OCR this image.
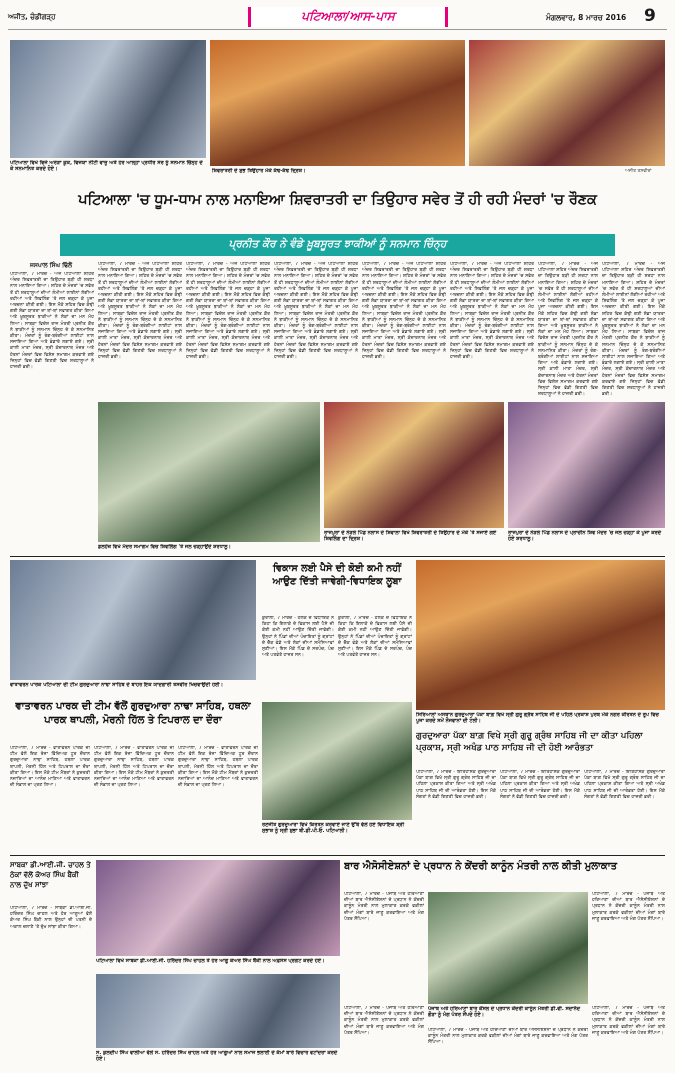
ਅਜੀਤ, ਚੰਡੀਗੜ੍ਹ	ਪਟਿਆਲਾ/ਆਸ-ਪਾਸ	ਮੰਗਲਵਾਰ, 8 ਮਾਰਚ 2016 9
ਪਟਿਆਲਾ ਵਿਖੇ ਵਿਜੇ ਅਰੋੜਾ ਕੂਕ, ਵਿਜਯਾ ਨੀਟੀ ਵਾਜੂ ਅਤੇ ਹੋਰ ਆਲ੍ਹਾ ਪ੍ਰਧੀਰ ਸੋਰ ਨੂੰ ਸਨਮਾਨ ਚਿੰਨ੍ਹ ਦੇ ਕੇ ਸਨਮਾਨਿਤ ਕਰਦੇ ਹੋਏ।	ਸ਼ਿਵਰਾਤਰੀ ਦੇ ਸ਼ੁਭ ਤਿਉਹਾਰ ਮੌਕੇ ਕੱਢ-ਕੱਢ ਦ੍ਰਿਸ਼।	ਅਜੀਤ ਤਸਵੀਰਾਂ
ਪਟਿਆਲਾ 'ਚ ਧੂਮ-ਧਾਮ ਨਾਲ ਮਨਾਇਆ ਸ਼ਿਵਰਾਤਰੀ ਦਾ ਤਿਉਹਾਰ ਸਵੇਰ ਤੋਂ ਹੀ ਰਹੀ ਮੰਦਰਾਂ 'ਚ ਰੌਣਕ
ਪ੍ਰਨੀਤ ਕੌਰ ਨੇ ਵੰਡੇ ਖ਼ੂਬਸੂਰਤ ਝਾਕੀਆਂ ਨੂੰ ਸਨਮਾਨ ਚਿੰਨ੍ਹ
ਜਸਪਾਲ ਸਿੰਘ ਢਿੱਲੋਂ
ਪਟਿਆਲਾ, 7 ਮਾਰਚ - ਅੱਜ ਪਟਿਆਲਾ ਸ਼ਹਿਰ ਅੰਦਰ ਸ਼ਿਵਰਾਤਰੀ ਦਾ ਤਿਉਹਾਰ ਬੜੀ ਹੀ ਸ਼ਰਧਾ ਨਾਲ ਮਨਾਇਆ ਗਿਆ। ਸ਼ਹਿਰ ਦੇ ਮੰਦਰਾਂ 'ਚ ਸਵੇਰ ਤੋਂ ਹੀ ਸ਼ਰਧਾਲੂਆਂ ਦੀਆਂ ਲੰਮੀਆਂ ਲਾਈਨਾਂ ਲੱਗੀਆਂ ਰਹੀਆਂ ਅਤੇ ਸ਼ਿਵਲਿੰਗ 'ਤੇ ਜਲ ਚੜ੍ਹਾ ਕੇ ਪੂਜਾ ਅਰਚਨਾ ਕੀਤੀ ਗਈ। ਇਸ ਮੌਕੇ ਸ਼ਹਿਰ ਵਿਚ ਕੱਢੀ ਗਈ ਸ਼ੋਭਾ ਯਾਤਰਾ ਦਾ ਥਾਂ-ਥਾਂ ਸਵਾਗਤ ਕੀਤਾ ਗਿਆ ਅਤੇ ਖ਼ੂਬਸੂਰਤ ਝਾਕੀਆਂ ਨੇ ਲੋਕਾਂ ਦਾ ਮਨ ਮੋਹ ਲਿਆ। ਸਾਬਕਾ ਵਿਦੇਸ਼ ਰਾਜ ਮੰਤਰੀ ਪ੍ਰਨੀਤ ਕੌਰ ਨੇ ਝਾਕੀਆਂ ਨੂੰ ਸਨਮਾਨ ਚਿੰਨ੍ਹ ਦੇ ਕੇ ਸਨਮਾਨਿਤ ਕੀਤਾ। ਮੰਦਰਾਂ ਨੂੰ ਰੰਗ-ਬਰੰਗੀਆਂ ਲਾਈਟਾਂ ਨਾਲ ਸਜਾਇਆ ਗਿਆ ਅਤੇ ਭੰਡਾਰੇ ਲਗਾਏ ਗਏ। ਸ੍ਰੀ ਕਾਲੀ ਮਾਤਾ ਮੰਦਰ, ਸ੍ਰੀ ਕੇਦਾਰਨਾਥ ਮੰਦਰ ਅਤੇ ਹੋਰਨਾਂ ਮੰਦਰਾਂ ਵਿਚ ਵਿਸ਼ੇਸ਼ ਸਮਾਗਮ ਕਰਵਾਏ ਗਏ ਜਿਨ੍ਹਾਂ ਵਿਚ ਵੱਡੀ ਗਿਣਤੀ ਵਿਚ ਸ਼ਰਧਾਲੂਆਂ ਨੇ ਹਾਜ਼ਰੀ ਭਰੀ।
ਪਟਿਆਲਾ, 7 ਮਾਰਚ - ਅੱਜ ਪਟਿਆਲਾ ਸ਼ਹਿਰ ਅੰਦਰ ਸ਼ਿਵਰਾਤਰੀ ਦਾ ਤਿਉਹਾਰ ਬੜੀ ਹੀ ਸ਼ਰਧਾ ਨਾਲ ਮਨਾਇਆ ਗਿਆ। ਸ਼ਹਿਰ ਦੇ ਮੰਦਰਾਂ 'ਚ ਸਵੇਰ ਤੋਂ ਹੀ ਸ਼ਰਧਾਲੂਆਂ ਦੀਆਂ ਲੰਮੀਆਂ ਲਾਈਨਾਂ ਲੱਗੀਆਂ ਰਹੀਆਂ ਅਤੇ ਸ਼ਿਵਲਿੰਗ 'ਤੇ ਜਲ ਚੜ੍ਹਾ ਕੇ ਪੂਜਾ ਅਰਚਨਾ ਕੀਤੀ ਗਈ। ਇਸ ਮੌਕੇ ਸ਼ਹਿਰ ਵਿਚ ਕੱਢੀ ਗਈ ਸ਼ੋਭਾ ਯਾਤਰਾ ਦਾ ਥਾਂ-ਥਾਂ ਸਵਾਗਤ ਕੀਤਾ ਗਿਆ ਅਤੇ ਖ਼ੂਬਸੂਰਤ ਝਾਕੀਆਂ ਨੇ ਲੋਕਾਂ ਦਾ ਮਨ ਮੋਹ ਲਿਆ। ਸਾਬਕਾ ਵਿਦੇਸ਼ ਰਾਜ ਮੰਤਰੀ ਪ੍ਰਨੀਤ ਕੌਰ ਨੇ ਝਾਕੀਆਂ ਨੂੰ ਸਨਮਾਨ ਚਿੰਨ੍ਹ ਦੇ ਕੇ ਸਨਮਾਨਿਤ ਕੀਤਾ। ਮੰਦਰਾਂ ਨੂੰ ਰੰਗ-ਬਰੰਗੀਆਂ ਲਾਈਟਾਂ ਨਾਲ ਸਜਾਇਆ ਗਿਆ ਅਤੇ ਭੰਡਾਰੇ ਲਗਾਏ ਗਏ। ਸ੍ਰੀ ਕਾਲੀ ਮਾਤਾ ਮੰਦਰ, ਸ੍ਰੀ ਕੇਦਾਰਨਾਥ ਮੰਦਰ ਅਤੇ ਹੋਰਨਾਂ ਮੰਦਰਾਂ ਵਿਚ ਵਿਸ਼ੇਸ਼ ਸਮਾਗਮ ਕਰਵਾਏ ਗਏ ਜਿਨ੍ਹਾਂ ਵਿਚ ਵੱਡੀ ਗਿਣਤੀ ਵਿਚ ਸ਼ਰਧਾਲੂਆਂ ਨੇ ਹਾਜ਼ਰੀ ਭਰੀ।
ਪਟਿਆਲਾ, 7 ਮਾਰਚ - ਅੱਜ ਪਟਿਆਲਾ ਸ਼ਹਿਰ ਅੰਦਰ ਸ਼ਿਵਰਾਤਰੀ ਦਾ ਤਿਉਹਾਰ ਬੜੀ ਹੀ ਸ਼ਰਧਾ ਨਾਲ ਮਨਾਇਆ ਗਿਆ। ਸ਼ਹਿਰ ਦੇ ਮੰਦਰਾਂ 'ਚ ਸਵੇਰ ਤੋਂ ਹੀ ਸ਼ਰਧਾਲੂਆਂ ਦੀਆਂ ਲੰਮੀਆਂ ਲਾਈਨਾਂ ਲੱਗੀਆਂ ਰਹੀਆਂ ਅਤੇ ਸ਼ਿਵਲਿੰਗ 'ਤੇ ਜਲ ਚੜ੍ਹਾ ਕੇ ਪੂਜਾ ਅਰਚਨਾ ਕੀਤੀ ਗਈ। ਇਸ ਮੌਕੇ ਸ਼ਹਿਰ ਵਿਚ ਕੱਢੀ ਗਈ ਸ਼ੋਭਾ ਯਾਤਰਾ ਦਾ ਥਾਂ-ਥਾਂ ਸਵਾਗਤ ਕੀਤਾ ਗਿਆ ਅਤੇ ਖ਼ੂਬਸੂਰਤ ਝਾਕੀਆਂ ਨੇ ਲੋਕਾਂ ਦਾ ਮਨ ਮੋਹ ਲਿਆ। ਸਾਬਕਾ ਵਿਦੇਸ਼ ਰਾਜ ਮੰਤਰੀ ਪ੍ਰਨੀਤ ਕੌਰ ਨੇ ਝਾਕੀਆਂ ਨੂੰ ਸਨਮਾਨ ਚਿੰਨ੍ਹ ਦੇ ਕੇ ਸਨਮਾਨਿਤ ਕੀਤਾ। ਮੰਦਰਾਂ ਨੂੰ ਰੰਗ-ਬਰੰਗੀਆਂ ਲਾਈਟਾਂ ਨਾਲ ਸਜਾਇਆ ਗਿਆ ਅਤੇ ਭੰਡਾਰੇ ਲਗਾਏ ਗਏ। ਸ੍ਰੀ ਕਾਲੀ ਮਾਤਾ ਮੰਦਰ, ਸ੍ਰੀ ਕੇਦਾਰਨਾਥ ਮੰਦਰ ਅਤੇ ਹੋਰਨਾਂ ਮੰਦਰਾਂ ਵਿਚ ਵਿਸ਼ੇਸ਼ ਸਮਾਗਮ ਕਰਵਾਏ ਗਏ ਜਿਨ੍ਹਾਂ ਵਿਚ ਵੱਡੀ ਗਿਣਤੀ ਵਿਚ ਸ਼ਰਧਾਲੂਆਂ ਨੇ ਹਾਜ਼ਰੀ ਭਰੀ।
ਪਟਿਆਲਾ, 7 ਮਾਰਚ - ਅੱਜ ਪਟਿਆਲਾ ਸ਼ਹਿਰ ਅੰਦਰ ਸ਼ਿਵਰਾਤਰੀ ਦਾ ਤਿਉਹਾਰ ਬੜੀ ਹੀ ਸ਼ਰਧਾ ਨਾਲ ਮਨਾਇਆ ਗਿਆ। ਸ਼ਹਿਰ ਦੇ ਮੰਦਰਾਂ 'ਚ ਸਵੇਰ ਤੋਂ ਹੀ ਸ਼ਰਧਾਲੂਆਂ ਦੀਆਂ ਲੰਮੀਆਂ ਲਾਈਨਾਂ ਲੱਗੀਆਂ ਰਹੀਆਂ ਅਤੇ ਸ਼ਿਵਲਿੰਗ 'ਤੇ ਜਲ ਚੜ੍ਹਾ ਕੇ ਪੂਜਾ ਅਰਚਨਾ ਕੀਤੀ ਗਈ। ਇਸ ਮੌਕੇ ਸ਼ਹਿਰ ਵਿਚ ਕੱਢੀ ਗਈ ਸ਼ੋਭਾ ਯਾਤਰਾ ਦਾ ਥਾਂ-ਥਾਂ ਸਵਾਗਤ ਕੀਤਾ ਗਿਆ ਅਤੇ ਖ਼ੂਬਸੂਰਤ ਝਾਕੀਆਂ ਨੇ ਲੋਕਾਂ ਦਾ ਮਨ ਮੋਹ ਲਿਆ। ਸਾਬਕਾ ਵਿਦੇਸ਼ ਰਾਜ ਮੰਤਰੀ ਪ੍ਰਨੀਤ ਕੌਰ ਨੇ ਝਾਕੀਆਂ ਨੂੰ ਸਨਮਾਨ ਚਿੰਨ੍ਹ ਦੇ ਕੇ ਸਨਮਾਨਿਤ ਕੀਤਾ। ਮੰਦਰਾਂ ਨੂੰ ਰੰਗ-ਬਰੰਗੀਆਂ ਲਾਈਟਾਂ ਨਾਲ ਸਜਾਇਆ ਗਿਆ ਅਤੇ ਭੰਡਾਰੇ ਲਗਾਏ ਗਏ। ਸ੍ਰੀ ਕਾਲੀ ਮਾਤਾ ਮੰਦਰ, ਸ੍ਰੀ ਕੇਦਾਰਨਾਥ ਮੰਦਰ ਅਤੇ ਹੋਰਨਾਂ ਮੰਦਰਾਂ ਵਿਚ ਵਿਸ਼ੇਸ਼ ਸਮਾਗਮ ਕਰਵਾਏ ਗਏ ਜਿਨ੍ਹਾਂ ਵਿਚ ਵੱਡੀ ਗਿਣਤੀ ਵਿਚ ਸ਼ਰਧਾਲੂਆਂ ਨੇ ਹਾਜ਼ਰੀ ਭਰੀ।
ਪਟਿਆਲਾ, 7 ਮਾਰਚ - ਅੱਜ ਪਟਿਆਲਾ ਸ਼ਹਿਰ ਅੰਦਰ ਸ਼ਿਵਰਾਤਰੀ ਦਾ ਤਿਉਹਾਰ ਬੜੀ ਹੀ ਸ਼ਰਧਾ ਨਾਲ ਮਨਾਇਆ ਗਿਆ। ਸ਼ਹਿਰ ਦੇ ਮੰਦਰਾਂ 'ਚ ਸਵੇਰ ਤੋਂ ਹੀ ਸ਼ਰਧਾਲੂਆਂ ਦੀਆਂ ਲੰਮੀਆਂ ਲਾਈਨਾਂ ਲੱਗੀਆਂ ਰਹੀਆਂ ਅਤੇ ਸ਼ਿਵਲਿੰਗ 'ਤੇ ਜਲ ਚੜ੍ਹਾ ਕੇ ਪੂਜਾ ਅਰਚਨਾ ਕੀਤੀ ਗਈ। ਇਸ ਮੌਕੇ ਸ਼ਹਿਰ ਵਿਚ ਕੱਢੀ ਗਈ ਸ਼ੋਭਾ ਯਾਤਰਾ ਦਾ ਥਾਂ-ਥਾਂ ਸਵਾਗਤ ਕੀਤਾ ਗਿਆ ਅਤੇ ਖ਼ੂਬਸੂਰਤ ਝਾਕੀਆਂ ਨੇ ਲੋਕਾਂ ਦਾ ਮਨ ਮੋਹ ਲਿਆ। ਸਾਬਕਾ ਵਿਦੇਸ਼ ਰਾਜ ਮੰਤਰੀ ਪ੍ਰਨੀਤ ਕੌਰ ਨੇ ਝਾਕੀਆਂ ਨੂੰ ਸਨਮਾਨ ਚਿੰਨ੍ਹ ਦੇ ਕੇ ਸਨਮਾਨਿਤ ਕੀਤਾ। ਮੰਦਰਾਂ ਨੂੰ ਰੰਗ-ਬਰੰਗੀਆਂ ਲਾਈਟਾਂ ਨਾਲ ਸਜਾਇਆ ਗਿਆ ਅਤੇ ਭੰਡਾਰੇ ਲਗਾਏ ਗਏ। ਸ੍ਰੀ ਕਾਲੀ ਮਾਤਾ ਮੰਦਰ, ਸ੍ਰੀ ਕੇਦਾਰਨਾਥ ਮੰਦਰ ਅਤੇ ਹੋਰਨਾਂ ਮੰਦਰਾਂ ਵਿਚ ਵਿਸ਼ੇਸ਼ ਸਮਾਗਮ ਕਰਵਾਏ ਗਏ ਜਿਨ੍ਹਾਂ ਵਿਚ ਵੱਡੀ ਗਿਣਤੀ ਵਿਚ ਸ਼ਰਧਾਲੂਆਂ ਨੇ ਹਾਜ਼ਰੀ ਭਰੀ।
ਪਟਿਆਲਾ, 7 ਮਾਰਚ - ਅੱਜ ਪਟਿਆਲਾ ਸ਼ਹਿਰ ਅੰਦਰ ਸ਼ਿਵਰਾਤਰੀ ਦਾ ਤਿਉਹਾਰ ਬੜੀ ਹੀ ਸ਼ਰਧਾ ਨਾਲ ਮਨਾਇਆ ਗਿਆ। ਸ਼ਹਿਰ ਦੇ ਮੰਦਰਾਂ 'ਚ ਸਵੇਰ ਤੋਂ ਹੀ ਸ਼ਰਧਾਲੂਆਂ ਦੀਆਂ ਲੰਮੀਆਂ ਲਾਈਨਾਂ ਲੱਗੀਆਂ ਰਹੀਆਂ ਅਤੇ ਸ਼ਿਵਲਿੰਗ 'ਤੇ ਜਲ ਚੜ੍ਹਾ ਕੇ ਪੂਜਾ ਅਰਚਨਾ ਕੀਤੀ ਗਈ। ਇਸ ਮੌਕੇ ਸ਼ਹਿਰ ਵਿਚ ਕੱਢੀ ਗਈ ਸ਼ੋਭਾ ਯਾਤਰਾ ਦਾ ਥਾਂ-ਥਾਂ ਸਵਾਗਤ ਕੀਤਾ ਗਿਆ ਅਤੇ ਖ਼ੂਬਸੂਰਤ ਝਾਕੀਆਂ ਨੇ ਲੋਕਾਂ ਦਾ ਮਨ ਮੋਹ ਲਿਆ। ਸਾਬਕਾ ਵਿਦੇਸ਼ ਰਾਜ ਮੰਤਰੀ ਪ੍ਰਨੀਤ ਕੌਰ ਨੇ ਝਾਕੀਆਂ ਨੂੰ ਸਨਮਾਨ ਚਿੰਨ੍ਹ ਦੇ ਕੇ ਸਨਮਾਨਿਤ ਕੀਤਾ। ਮੰਦਰਾਂ ਨੂੰ ਰੰਗ-ਬਰੰਗੀਆਂ ਲਾਈਟਾਂ ਨਾਲ ਸਜਾਇਆ ਗਿਆ ਅਤੇ ਭੰਡਾਰੇ ਲਗਾਏ ਗਏ। ਸ੍ਰੀ ਕਾਲੀ ਮਾਤਾ ਮੰਦਰ, ਸ੍ਰੀ ਕੇਦਾਰਨਾਥ ਮੰਦਰ ਅਤੇ ਹੋਰਨਾਂ ਮੰਦਰਾਂ ਵਿਚ ਵਿਸ਼ੇਸ਼ ਸਮਾਗਮ ਕਰਵਾਏ ਗਏ ਜਿਨ੍ਹਾਂ ਵਿਚ ਵੱਡੀ ਗਿਣਤੀ ਵਿਚ ਸ਼ਰਧਾਲੂਆਂ ਨੇ ਹਾਜ਼ਰੀ ਭਰੀ।
ਪਟਿਆਲਾ, 7 ਮਾਰਚ - ਅੱਜ ਪਟਿਆਲਾ ਸ਼ਹਿਰ ਅੰਦਰ ਸ਼ਿਵਰਾਤਰੀ ਦਾ ਤਿਉਹਾਰ ਬੜੀ ਹੀ ਸ਼ਰਧਾ ਨਾਲ ਮਨਾਇਆ ਗਿਆ। ਸ਼ਹਿਰ ਦੇ ਮੰਦਰਾਂ 'ਚ ਸਵੇਰ ਤੋਂ ਹੀ ਸ਼ਰਧਾਲੂਆਂ ਦੀਆਂ ਲੰਮੀਆਂ ਲਾਈਨਾਂ ਲੱਗੀਆਂ ਰਹੀਆਂ ਅਤੇ ਸ਼ਿਵਲਿੰਗ 'ਤੇ ਜਲ ਚੜ੍ਹਾ ਕੇ ਪੂਜਾ ਅਰਚਨਾ ਕੀਤੀ ਗਈ। ਇਸ ਮੌਕੇ ਸ਼ਹਿਰ ਵਿਚ ਕੱਢੀ ਗਈ ਸ਼ੋਭਾ ਯਾਤਰਾ ਦਾ ਥਾਂ-ਥਾਂ ਸਵਾਗਤ ਕੀਤਾ ਗਿਆ ਅਤੇ ਖ਼ੂਬਸੂਰਤ ਝਾਕੀਆਂ ਨੇ ਲੋਕਾਂ ਦਾ ਮਨ ਮੋਹ ਲਿਆ। ਸਾਬਕਾ ਵਿਦੇਸ਼ ਰਾਜ ਮੰਤਰੀ ਪ੍ਰਨੀਤ ਕੌਰ ਨੇ ਝਾਕੀਆਂ ਨੂੰ ਸਨਮਾਨ ਚਿੰਨ੍ਹ ਦੇ ਕੇ ਸਨਮਾਨਿਤ ਕੀਤਾ। ਮੰਦਰਾਂ ਨੂੰ ਰੰਗ-ਬਰੰਗੀਆਂ ਲਾਈਟਾਂ ਨਾਲ ਸਜਾਇਆ ਗਿਆ ਅਤੇ ਭੰਡਾਰੇ ਲਗਾਏ ਗਏ। ਸ੍ਰੀ ਕਾਲੀ ਮਾਤਾ ਮੰਦਰ, ਸ੍ਰੀ ਕੇਦਾਰਨਾਥ ਮੰਦਰ ਅਤੇ ਹੋਰਨਾਂ ਮੰਦਰਾਂ ਵਿਚ ਵਿਸ਼ੇਸ਼ ਸਮਾਗਮ ਕਰਵਾਏ ਗਏ ਜਿਨ੍ਹਾਂ ਵਿਚ ਵੱਡੀ ਗਿਣਤੀ ਵਿਚ ਸ਼ਰਧਾਲੂਆਂ ਨੇ ਹਾਜ਼ਰੀ ਭਰੀ।
ਪਟਿਆਲਾ, 7 ਮਾਰਚ - ਅੱਜ ਪਟਿਆਲਾ ਸ਼ਹਿਰ ਅੰਦਰ ਸ਼ਿਵਰਾਤਰੀ ਦਾ ਤਿਉਹਾਰ ਬੜੀ ਹੀ ਸ਼ਰਧਾ ਨਾਲ ਮਨਾਇਆ ਗਿਆ। ਸ਼ਹਿਰ ਦੇ ਮੰਦਰਾਂ 'ਚ ਸਵੇਰ ਤੋਂ ਹੀ ਸ਼ਰਧਾਲੂਆਂ ਦੀਆਂ ਲੰਮੀਆਂ ਲਾਈਨਾਂ ਲੱਗੀਆਂ ਰਹੀਆਂ ਅਤੇ ਸ਼ਿਵਲਿੰਗ 'ਤੇ ਜਲ ਚੜ੍ਹਾ ਕੇ ਪੂਜਾ ਅਰਚਨਾ ਕੀਤੀ ਗਈ। ਇਸ ਮੌਕੇ ਸ਼ਹਿਰ ਵਿਚ ਕੱਢੀ ਗਈ ਸ਼ੋਭਾ ਯਾਤਰਾ ਦਾ ਥਾਂ-ਥਾਂ ਸਵਾਗਤ ਕੀਤਾ ਗਿਆ ਅਤੇ ਖ਼ੂਬਸੂਰਤ ਝਾਕੀਆਂ ਨੇ ਲੋਕਾਂ ਦਾ ਮਨ ਮੋਹ ਲਿਆ। ਸਾਬਕਾ ਵਿਦੇਸ਼ ਰਾਜ ਮੰਤਰੀ ਪ੍ਰਨੀਤ ਕੌਰ ਨੇ ਝਾਕੀਆਂ ਨੂੰ ਸਨਮਾਨ ਚਿੰਨ੍ਹ ਦੇ ਕੇ ਸਨਮਾਨਿਤ ਕੀਤਾ। ਮੰਦਰਾਂ ਨੂੰ ਰੰਗ-ਬਰੰਗੀਆਂ ਲਾਈਟਾਂ ਨਾਲ ਸਜਾਇਆ ਗਿਆ ਅਤੇ ਭੰਡਾਰੇ ਲਗਾਏ ਗਏ। ਸ੍ਰੀ ਕਾਲੀ ਮਾਤਾ ਮੰਦਰ, ਸ੍ਰੀ ਕੇਦਾਰਨਾਥ ਮੰਦਰ ਅਤੇ ਹੋਰਨਾਂ ਮੰਦਰਾਂ ਵਿਚ ਵਿਸ਼ੇਸ਼ ਸਮਾਗਮ ਕਰਵਾਏ ਗਏ ਜਿਨ੍ਹਾਂ ਵਿਚ ਵੱਡੀ ਗਿਣਤੀ ਵਿਚ ਸ਼ਰਧਾਲੂਆਂ ਨੇ ਹਾਜ਼ਰੀ ਭਰੀ।
ਡਲਹੌਜ਼ ਵਿਖੇ ਮੰਦਰ ਸਮਾਗਮ ਵਿਚ ਸ਼ਿਵਲਿੰਗ 'ਤੇ ਜਲ ਚੜ੍ਹਾਉਂਦੇ ਸ਼ਰਧਾਲੂ।
ਰਾਜਪੁਰਾ ਦੇ ਨੇੜਲੇ ਪਿੰਡ ਨਲਾਸ ਦੇ ਸ਼ਿਵਾਲਾ ਵਿਖੇ ਸ਼ਿਵਰਾਤਰੀ ਦੇ ਤਿਉਹਾਰ ਦੇ ਮੌਕੇ 'ਤੇ ਸਜਾਏ ਗਏ ਸ਼ਿਵਲਿੰਗ ਦਾ ਦ੍ਰਿਸ਼।
ਰਾਜਪੁਰਾ ਦੇ ਨੇੜਲੇ ਪਿੰਡ ਨਲਾਸ ਦੇ ਪ੍ਰਾਚੀਨ ਸ਼ਿਵ ਮੰਦਰ 'ਚ ਜਲ ਚੜ੍ਹਾ ਕੇ ਪੂਜਾ ਕਰਦੇ ਹੋਏ ਸ਼ਰਧਾਲੂ।
ਵਾਤਾਵਰਨ ਪਾਰਕ ਪਟਿਆਲਾ ਦੀ ਟੀਮ ਗੁਰਦੁਆਰਾ ਨਾਢਾ ਸਾਹਿਬ ਦੇ ਬਾਹਰ ਇਕ ਯਾਦਗਾਰੀ ਤਸਵੀਰ ਖਿਚਵਾਉਂਦੀ ਹੋਈ।
ਵਿਕਾਸ ਲਈ ਪੈਸੇ ਦੀ ਕੋਈ ਕਮੀ ਨਹੀਂ ਆਉਣ ਦਿੱਤੀ ਜਾਵੇਗੀ-ਵਿਧਾਇਕ ਲੂਬਾ
ਕੁਰਾਲੀ, 7 ਮਾਰਚ - ਹਲਕੇ ਦੇ ਵਿਧਾਇਕ ਨੇ ਕਿਹਾ ਕਿ ਇਲਾਕੇ ਦੇ ਵਿਕਾਸ ਲਈ ਪੈਸੇ ਦੀ ਕੋਈ ਕਮੀ ਨਹੀਂ ਆਉਣ ਦਿੱਤੀ ਜਾਵੇਗੀ। ਉਨ੍ਹਾਂ ਨੇ ਪਿੰਡਾਂ ਦੀਆਂ ਪੰਚਾਇਤਾਂ ਨੂੰ ਗ੍ਰਾਂਟਾਂ ਦੇ ਚੈੱਕ ਵੰਡੇ ਅਤੇ ਲੋਕਾਂ ਦੀਆਂ ਸਮੱਸਿਆਵਾਂ ਸੁਣੀਆਂ। ਇਸ ਮੌਕੇ ਪਿੰਡ ਦੇ ਸਰਪੰਚ, ਪੰਚ ਅਤੇ ਪਤਵੰਤੇ ਹਾਜ਼ਰ ਸਨ।
ਕੁਰਾਲੀ, 7 ਮਾਰਚ - ਹਲਕੇ ਦੇ ਵਿਧਾਇਕ ਨੇ ਕਿਹਾ ਕਿ ਇਲਾਕੇ ਦੇ ਵਿਕਾਸ ਲਈ ਪੈਸੇ ਦੀ ਕੋਈ ਕਮੀ ਨਹੀਂ ਆਉਣ ਦਿੱਤੀ ਜਾਵੇਗੀ। ਉਨ੍ਹਾਂ ਨੇ ਪਿੰਡਾਂ ਦੀਆਂ ਪੰਚਾਇਤਾਂ ਨੂੰ ਗ੍ਰਾਂਟਾਂ ਦੇ ਚੈੱਕ ਵੰਡੇ ਅਤੇ ਲੋਕਾਂ ਦੀਆਂ ਸਮੱਸਿਆਵਾਂ ਸੁਣੀਆਂ। ਇਸ ਮੌਕੇ ਪਿੰਡ ਦੇ ਸਰਪੰਚ, ਪੰਚ ਅਤੇ ਪਤਵੰਤੇ ਹਾਜ਼ਰ ਸਨ।
ਸਿਰਿਆਲਾਂ ਅਸਥਾਨ ਗੁਰਦੁਆਰਾ ਪੱਕਾ ਬਾਗ਼ ਵਿਖੇ ਸ੍ਰੀ ਗੁਰੂ ਗ੍ਰੰਥ ਸਾਹਿਬ ਜੀ ਦੇ ਪਹਿਲੇ ਪ੍ਰਕਾਸ਼ ਪੁਰਬ ਮੌਕੇ ਨਗਰ ਕੀਰਤਨ ਦੇ ਰੂਪ ਵਿਚ ਪੂਜਾ ਕਰਦੇ ਸਮੇਂ ਨੌਜਵਾਨਾਂ ਦੀ ਟੋਲੀ।
ਵਾਤਾਵਰਨ ਪਾਰਕ ਦੀ ਟੀਮ ਵੱਲੋਂ ਗੁਰਦੁਆਰਾ ਨਾਢਾ ਸਾਹਿਬ, ਹਥਲਾ ਪਾਰਕ ਥਾਪਲੀ, ਮੋਰਨੀ ਹਿੱਲ ਤੇ ਟਿਪਰਾਲ ਦਾ ਦੌਰਾ
ਪਟਿਆਲਾ, 7 ਮਾਰਚ - ਵਾਤਾਵਰਨ ਪਾਰਕ ਦੀ ਟੀਮ ਵੱਲੋਂ ਇਕ ਰੋਜ਼ਾ ਵਿੱਦਿਅਕ ਟੂਰ ਦੌਰਾਨ ਗੁਰਦੁਆਰਾ ਨਾਢਾ ਸਾਹਿਬ, ਹਥਲਾ ਪਾਰਕ ਥਾਪਲੀ, ਮੋਰਨੀ ਹਿੱਲ ਅਤੇ ਟਿਪਰਾਲ ਦਾ ਦੌਰਾ ਕੀਤਾ ਗਿਆ। ਇਸ ਮੌਕੇ ਟੀਮ ਮੈਂਬਰਾਂ ਨੇ ਕੁਦਰਤੀ ਨਜ਼ਾਰਿਆਂ ਦਾ ਆਨੰਦ ਮਾਣਿਆ ਅਤੇ ਵਾਤਾਵਰਨ ਦੀ ਸੰਭਾਲ ਦਾ ਪ੍ਰਣ ਲਿਆ।
ਪਟਿਆਲਾ, 7 ਮਾਰਚ - ਵਾਤਾਵਰਨ ਪਾਰਕ ਦੀ ਟੀਮ ਵੱਲੋਂ ਇਕ ਰੋਜ਼ਾ ਵਿੱਦਿਅਕ ਟੂਰ ਦੌਰਾਨ ਗੁਰਦੁਆਰਾ ਨਾਢਾ ਸਾਹਿਬ, ਹਥਲਾ ਪਾਰਕ ਥਾਪਲੀ, ਮੋਰਨੀ ਹਿੱਲ ਅਤੇ ਟਿਪਰਾਲ ਦਾ ਦੌਰਾ ਕੀਤਾ ਗਿਆ। ਇਸ ਮੌਕੇ ਟੀਮ ਮੈਂਬਰਾਂ ਨੇ ਕੁਦਰਤੀ ਨਜ਼ਾਰਿਆਂ ਦਾ ਆਨੰਦ ਮਾਣਿਆ ਅਤੇ ਵਾਤਾਵਰਨ ਦੀ ਸੰਭਾਲ ਦਾ ਪ੍ਰਣ ਲਿਆ।
ਪਟਿਆਲਾ, 7 ਮਾਰਚ - ਵਾਤਾਵਰਨ ਪਾਰਕ ਦੀ ਟੀਮ ਵੱਲੋਂ ਇਕ ਰੋਜ਼ਾ ਵਿੱਦਿਅਕ ਟੂਰ ਦੌਰਾਨ ਗੁਰਦੁਆਰਾ ਨਾਢਾ ਸਾਹਿਬ, ਹਥਲਾ ਪਾਰਕ ਥਾਪਲੀ, ਮੋਰਨੀ ਹਿੱਲ ਅਤੇ ਟਿਪਰਾਲ ਦਾ ਦੌਰਾ ਕੀਤਾ ਗਿਆ। ਇਸ ਮੌਕੇ ਟੀਮ ਮੈਂਬਰਾਂ ਨੇ ਕੁਦਰਤੀ ਨਜ਼ਾਰਿਆਂ ਦਾ ਆਨੰਦ ਮਾਣਿਆ ਅਤੇ ਵਾਤਾਵਰਨ ਦੀ ਸੰਭਾਲ ਦਾ ਪ੍ਰਣ ਲਿਆ।
ਰਣਜੀਤ ਗੁਰਦੁਆਰਾ ਵਿਖੇ ਕਿਰਤਨ ਕਰਵਾਏ ਜਾਣੇ ਉੱਥੇ ਵੱਲੋਂ ਹੋਏ ਵਿਧਾਇਕ ਸ਼੍ਰੀ ਸੁਭਾਸ਼ ਨੂੰ ਸ੍ਰੀ ਸ਼ੁਭਾ ਬੀ.ਡੀ.ਪੀ.ਓ. ਪਟਿਆਲੀ।
ਗੁਰਦੁਆਰਾ ਪੱਕਾ ਬਾਗ਼ ਵਿਖੇ ਸ੍ਰੀ ਗੁਰੂ ਗ੍ਰੰਥ ਸਾਹਿਬ ਜੀ ਦਾ ਕੀਤਾ ਪਹਿਲਾ ਪ੍ਰਕਾਸ਼, ਸ੍ਰੀ ਅਖੰਡ ਪਾਠ ਸਾਹਿਬ ਜੀ ਦੀ ਹੋਈ ਆਰੰਭਤਾ
ਪਟਿਆਲਾ, 7 ਮਾਰਚ - ਇਤਿਹਾਸਕ ਗੁਰਦੁਆਰਾ ਪੱਕਾ ਬਾਗ਼ ਵਿਖੇ ਸ੍ਰੀ ਗੁਰੂ ਗ੍ਰੰਥ ਸਾਹਿਬ ਜੀ ਦਾ ਪਹਿਲਾ ਪ੍ਰਕਾਸ਼ ਕੀਤਾ ਗਿਆ ਅਤੇ ਸ੍ਰੀ ਅਖੰਡ ਪਾਠ ਸਾਹਿਬ ਜੀ ਦੀ ਆਰੰਭਤਾ ਹੋਈ। ਇਸ ਮੌਕੇ ਸੰਗਤਾਂ ਨੇ ਵੱਡੀ ਗਿਣਤੀ ਵਿਚ ਹਾਜ਼ਰੀ ਭਰੀ।
ਪਟਿਆਲਾ, 7 ਮਾਰਚ - ਇਤਿਹਾਸਕ ਗੁਰਦੁਆਰਾ ਪੱਕਾ ਬਾਗ਼ ਵਿਖੇ ਸ੍ਰੀ ਗੁਰੂ ਗ੍ਰੰਥ ਸਾਹਿਬ ਜੀ ਦਾ ਪਹਿਲਾ ਪ੍ਰਕਾਸ਼ ਕੀਤਾ ਗਿਆ ਅਤੇ ਸ੍ਰੀ ਅਖੰਡ ਪਾਠ ਸਾਹਿਬ ਜੀ ਦੀ ਆਰੰਭਤਾ ਹੋਈ। ਇਸ ਮੌਕੇ ਸੰਗਤਾਂ ਨੇ ਵੱਡੀ ਗਿਣਤੀ ਵਿਚ ਹਾਜ਼ਰੀ ਭਰੀ।
ਪਟਿਆਲਾ, 7 ਮਾਰਚ - ਇਤਿਹਾਸਕ ਗੁਰਦੁਆਰਾ ਪੱਕਾ ਬਾਗ਼ ਵਿਖੇ ਸ੍ਰੀ ਗੁਰੂ ਗ੍ਰੰਥ ਸਾਹਿਬ ਜੀ ਦਾ ਪਹਿਲਾ ਪ੍ਰਕਾਸ਼ ਕੀਤਾ ਗਿਆ ਅਤੇ ਸ੍ਰੀ ਅਖੰਡ ਪਾਠ ਸਾਹਿਬ ਜੀ ਦੀ ਆਰੰਭਤਾ ਹੋਈ। ਇਸ ਮੌਕੇ ਸੰਗਤਾਂ ਨੇ ਵੱਡੀ ਗਿਣਤੀ ਵਿਚ ਹਾਜ਼ਰੀ ਭਰੀ।
ਸਾਬਕਾ ਡੀ.ਆਈ.ਜੀ. ਚਾਹਲ ਤੇ ਠੇਕਾਂ ਵੱਲੋਂ ਕੋਅਰ ਸਿੰਘ ਬੈਂਕੀ ਨਾਲ ਦੁੱਖ ਸਾਂਝਾ
ਪਟਿਆਲਾ, 7 ਮਾਰਚ - ਸਾਬਕਾ ਡੀ.ਆਈ.ਜੀ. ਹਰਿੰਦਰ ਸਿੰਘ ਚਾਹਲ ਅਤੇ ਹੋਰ ਆਗੂਆਂ ਵੱਲੋਂ ਕੋਅਰ ਸਿੰਘ ਬੈਂਕੀ ਨਾਲ ਉਨ੍ਹਾਂ ਦੀ ਪਤਨੀ ਦੇ ਅਕਾਲ ਚਲਾਣੇ 'ਤੇ ਦੁੱਖ ਸਾਂਝਾ ਕੀਤਾ ਗਿਆ।
ਪਟਿਆਲਾ ਵਿਖੇ ਸਾਬਕਾ ਡੀ.ਆਈ.ਜੀ. ਹਰਿੰਦਰ ਸਿੰਘ ਚਾਹਲ ਤੇ ਹੋਰ ਆਗੂ ਕੋਅਰ ਸਿੰਘ ਬੈਂਕੀ ਨਾਲ ਅਫ਼ਸੋਸ ਪ੍ਰਗਟ ਕਰਦੇ ਹੋਏ।
ਸ. ਕੁਲਦੀਪ ਸਿੰਘ ਵਾਲੀਆ ਵੱਲੋਂ ਸ. ਹਰਿੰਦਰ ਸਿੰਘ ਚਾਹਲ ਅਤੇ ਹੋਰ ਆਗੂਆਂ ਨਾਲ ਸਮਾਜ ਭਲਾਈ ਦੇ ਕੰਮਾਂ ਬਾਰੇ ਵਿਚਾਰ ਵਟਾਂਦਰਾ ਕਰਦੇ ਹੋਏ।
ਬਾਰ ਐਸੋਸੀਏਸ਼ਨਾਂ ਦੇ ਪ੍ਰਧਾਨ ਨੇ ਕੇਂਦਰੀ ਕਾਨੂੰਨ ਮੰਤਰੀ ਨਾਲ ਕੀਤੀ ਮੁਲਾਕਾਤ
ਪਟਿਆਲਾ, 7 ਮਾਰਚ - ਪੰਜਾਬ ਅਤੇ ਹਰਿਆਣਾ ਦੀਆਂ ਬਾਰ ਐਸੋਸੀਏਸ਼ਨਾਂ ਦੇ ਪ੍ਰਧਾਨ ਨੇ ਕੇਂਦਰੀ ਕਾਨੂੰਨ ਮੰਤਰੀ ਨਾਲ ਮੁਲਾਕਾਤ ਕਰਕੇ ਵਕੀਲਾਂ ਦੀਆਂ ਮੰਗਾਂ ਬਾਰੇ ਜਾਣੂ ਕਰਵਾਇਆ ਅਤੇ ਮੰਗ ਪੱਤਰ ਸੌਂਪਿਆ।
ਪਟਿਆਲਾ, 7 ਮਾਰਚ - ਪੰਜਾਬ ਅਤੇ ਹਰਿਆਣਾ ਦੀਆਂ ਬਾਰ ਐਸੋਸੀਏਸ਼ਨਾਂ ਦੇ ਪ੍ਰਧਾਨ ਨੇ ਕੇਂਦਰੀ ਕਾਨੂੰਨ ਮੰਤਰੀ ਨਾਲ ਮੁਲਾਕਾਤ ਕਰਕੇ ਵਕੀਲਾਂ ਦੀਆਂ ਮੰਗਾਂ ਬਾਰੇ ਜਾਣੂ ਕਰਵਾਇਆ ਅਤੇ ਮੰਗ ਪੱਤਰ ਸੌਂਪਿਆ।
ਪੰਜਾਬ ਅਤੇ ਹਰਿਆਣਾ ਬਾਰ ਕੌਂਸਲ ਦੇ ਪ੍ਰਧਾਨ ਕੇਂਦਰੀ ਕਾਨੂੰਨ ਮੰਤਰੀ ਡੀ.ਵੀ. ਸਦਾਨੰਦ ਗੌੜਾ ਨੂੰ ਮੰਗ ਪੱਤਰ ਸੌਂਪਦੇ ਹੋਏ।
ਪਟਿਆਲਾ, 7 ਮਾਰਚ - ਪੰਜਾਬ ਅਤੇ ਹਰਿਆਣਾ ਦੀਆਂ ਬਾਰ ਐਸੋਸੀਏਸ਼ਨਾਂ ਦੇ ਪ੍ਰਧਾਨ ਨੇ ਕੇਂਦਰੀ ਕਾਨੂੰਨ ਮੰਤਰੀ ਨਾਲ ਮੁਲਾਕਾਤ ਕਰਕੇ ਵਕੀਲਾਂ ਦੀਆਂ ਮੰਗਾਂ ਬਾਰੇ ਜਾਣੂ ਕਰਵਾਇਆ ਅਤੇ ਮੰਗ ਪੱਤਰ ਸੌਂਪਿਆ।
ਪਟਿਆਲਾ, 7 ਮਾਰਚ - ਪੰਜਾਬ ਅਤੇ ਹਰਿਆਣਾ ਦੀਆਂ ਬਾਰ ਐਸੋਸੀਏਸ਼ਨਾਂ ਦੇ ਪ੍ਰਧਾਨ ਨੇ ਕੇਂਦਰੀ ਕਾਨੂੰਨ ਮੰਤਰੀ ਨਾਲ ਮੁਲਾਕਾਤ ਕਰਕੇ ਵਕੀਲਾਂ ਦੀਆਂ ਮੰਗਾਂ ਬਾਰੇ ਜਾਣੂ ਕਰਵਾਇਆ ਅਤੇ ਮੰਗ ਪੱਤਰ ਸੌਂਪਿਆ।
ਪਟਿਆਲਾ, 7 ਮਾਰਚ - ਪੰਜਾਬ ਅਤੇ ਹਰਿਆਣਾ ਦੀਆਂ ਬਾਰ ਐਸੋਸੀਏਸ਼ਨਾਂ ਦੇ ਪ੍ਰਧਾਨ ਨੇ ਕੇਂਦਰੀ ਕਾਨੂੰਨ ਮੰਤਰੀ ਨਾਲ ਮੁਲਾਕਾਤ ਕਰਕੇ ਵਕੀਲਾਂ ਦੀਆਂ ਮੰਗਾਂ ਬਾਰੇ ਜਾਣੂ ਕਰਵਾਇਆ ਅਤੇ ਮੰਗ ਪੱਤਰ ਸੌਂਪਿਆ।
